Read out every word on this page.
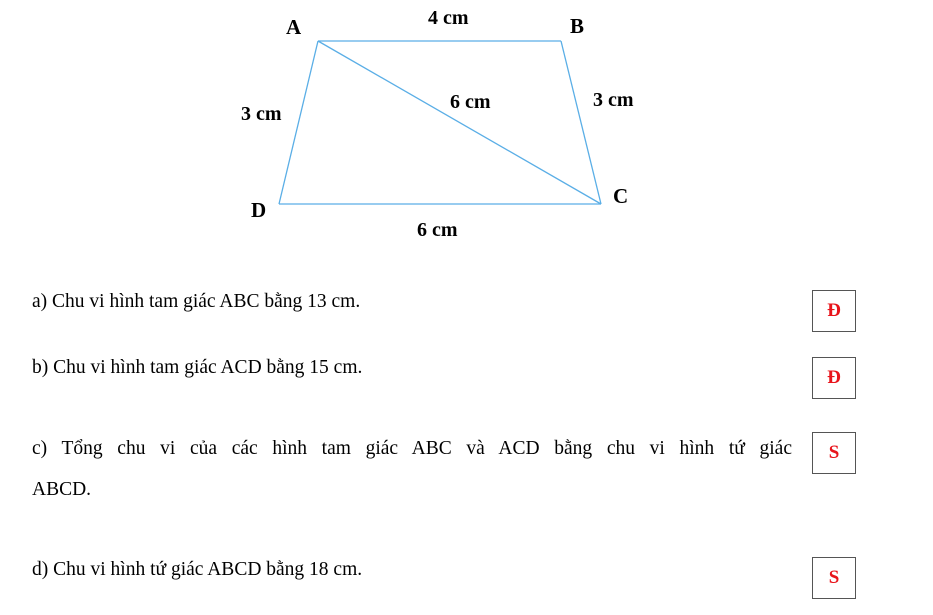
A	B
C
D
4 cm
3 cm
3 cm
6 cm
6 cm
a) Chu vi hình tam giác ABC bằng 13 cm.	Đ
b) Chu vi hình tam giác ACD bằng 15 cm.	Đ
c) Tổng chu vi của các hình tam giác ABC và ACD bằng chu vi hình tứ giác
ABCD.
S
d) Chu vi hình tứ giác ABCD bằng 18 cm.	S
